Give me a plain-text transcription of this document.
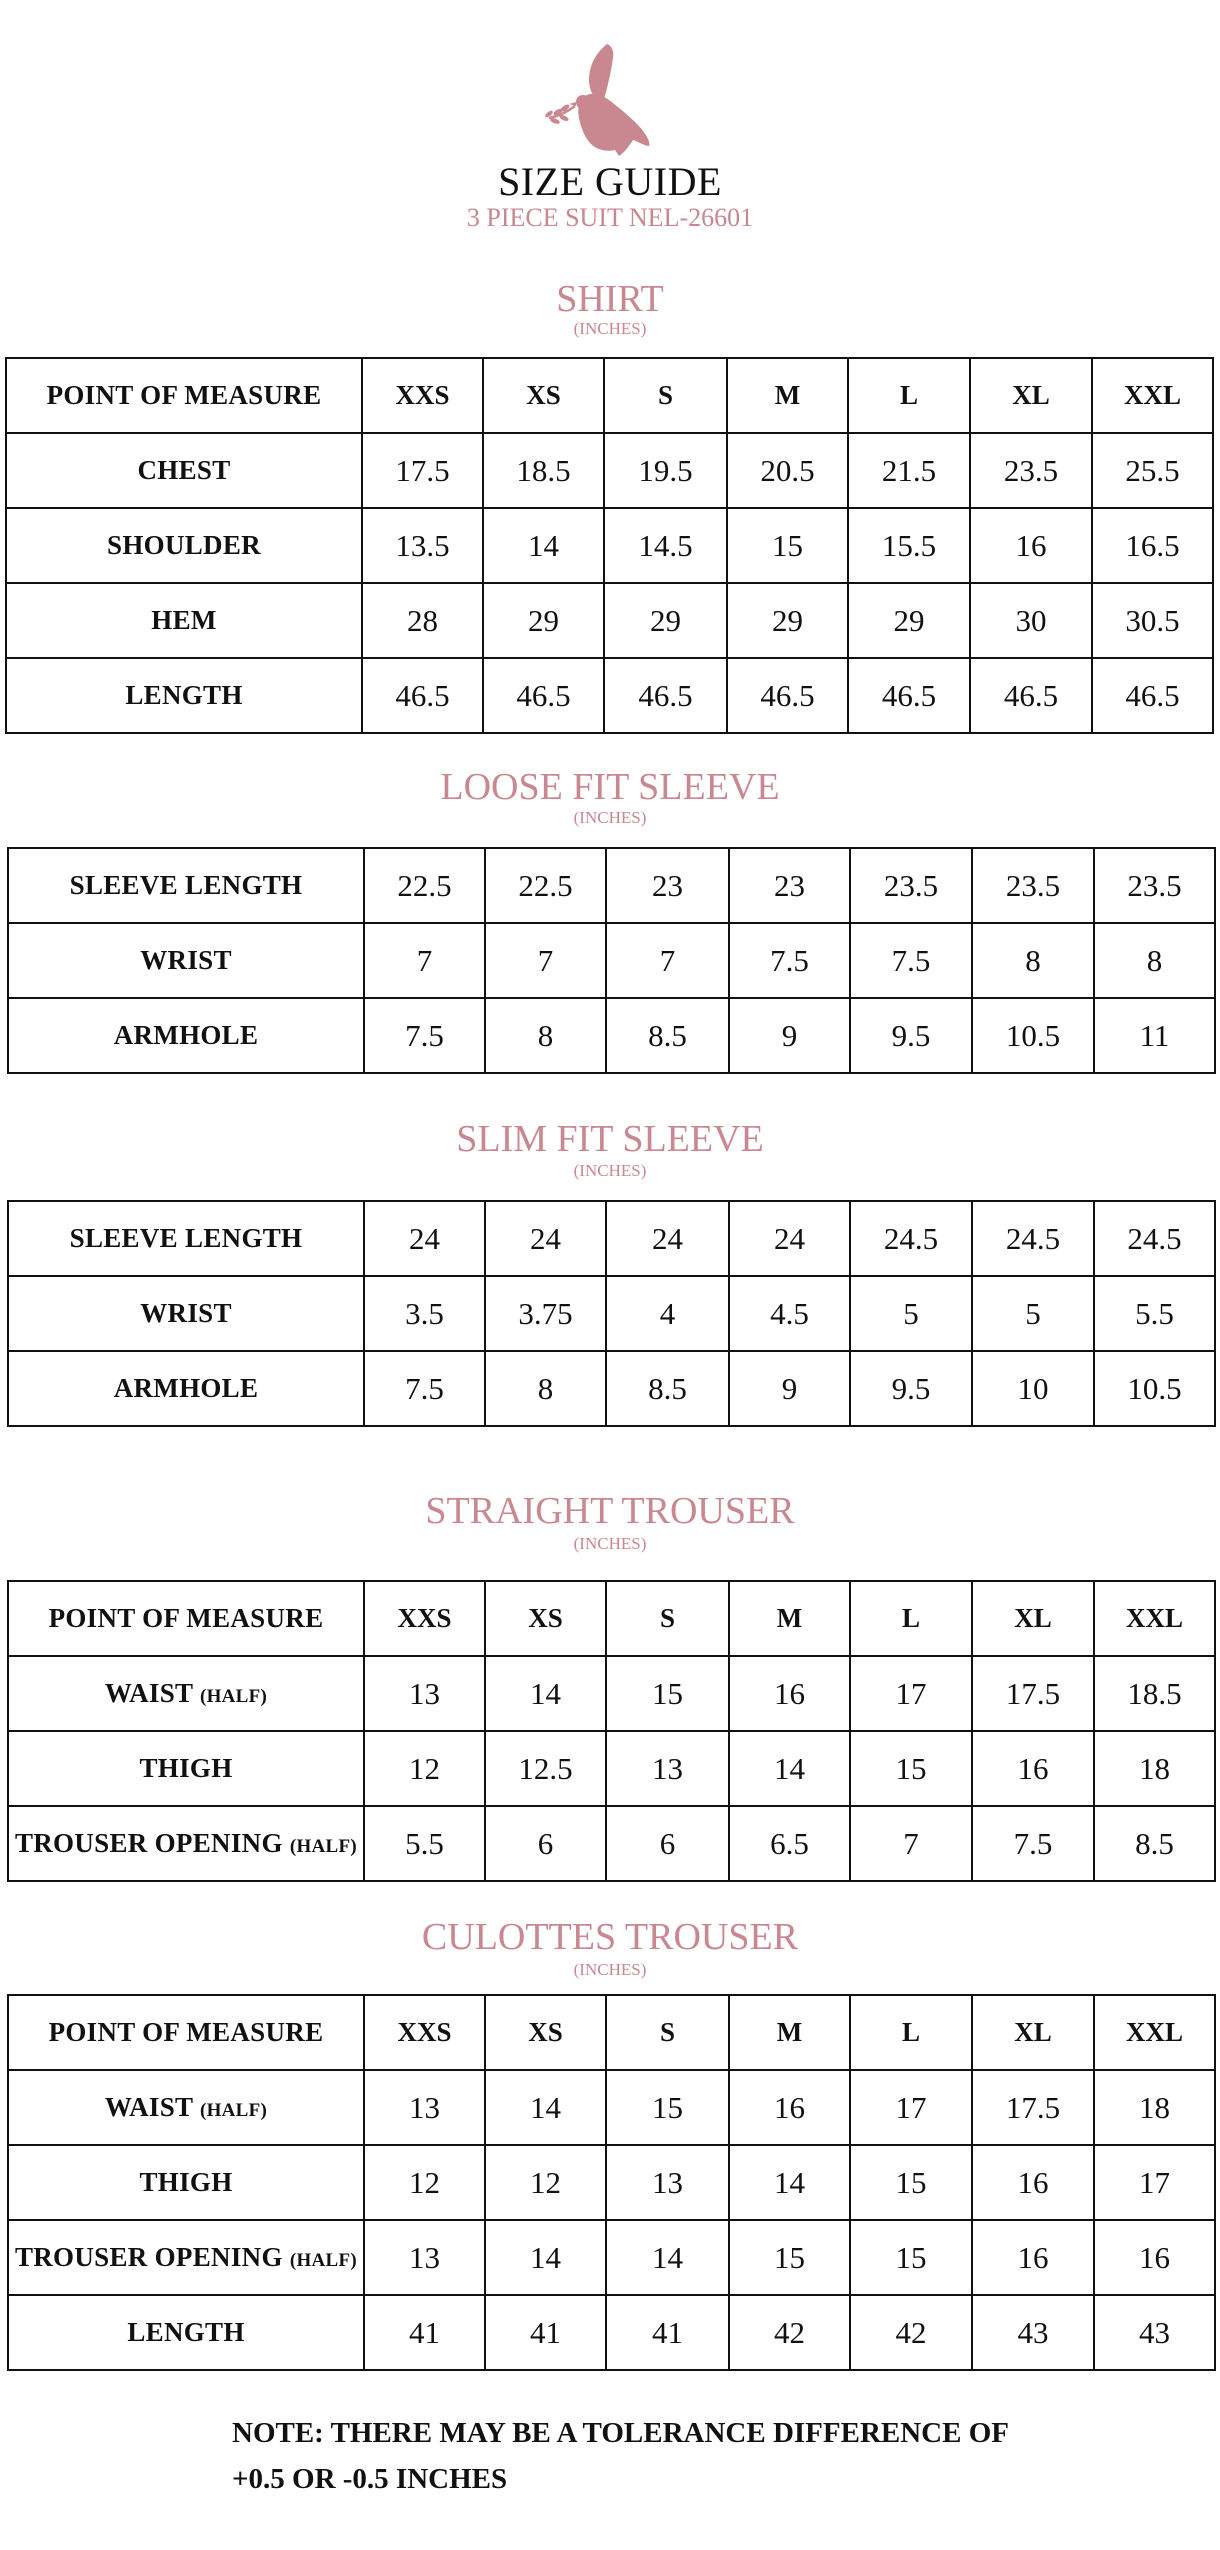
SIZE GUIDE
3 PIECE SUIT NEL-26601
SHIRT
(INCHES)
POINT OF MEASURE	XXS	XS	S	M	L	XL	XXL
CHEST	17.5	18.5	19.5	20.5	21.5	23.5	25.5
SHOULDER	13.5	14	14.5	15	15.5	16	16.5
HEM	28	29	29	29	29	30	30.5
LENGTH	46.5	46.5	46.5	46.5	46.5	46.5	46.5
LOOSE FIT SLEEVE
(INCHES)
SLEEVE LENGTH	22.5	22.5	23	23	23.5	23.5	23.5
WRIST	7	7	7	7.5	7.5	8	8
ARMHOLE	7.5	8	8.5	9	9.5	10.5	11
SLIM FIT SLEEVE
(INCHES)
SLEEVE LENGTH	24	24	24	24	24.5	24.5	24.5
WRIST	3.5	3.75	4	4.5	5	5	5.5
ARMHOLE	7.5	8	8.5	9	9.5	10	10.5
STRAIGHT TROUSER
(INCHES)
POINT OF MEASURE	XXS	XS	S	M	L	XL	XXL
WAIST (HALF)	13	14	15	16	17	17.5	18.5
THIGH	12	12.5	13	14	15	16	18
TROUSER OPENING (HALF)	5.5	6	6	6.5	7	7.5	8.5
CULOTTES TROUSER
(INCHES)
POINT OF MEASURE	XXS	XS	S	M	L	XL	XXL
WAIST (HALF)	13	14	15	16	17	17.5	18
THIGH	12	12	13	14	15	16	17
TROUSER OPENING (HALF)	13	14	14	15	15	16	16
LENGTH	41	41	41	42	42	43	43
NOTE: THERE MAY BE A TOLERANCE DIFFERENCE OF
+0.5 OR -0.5 INCHES
